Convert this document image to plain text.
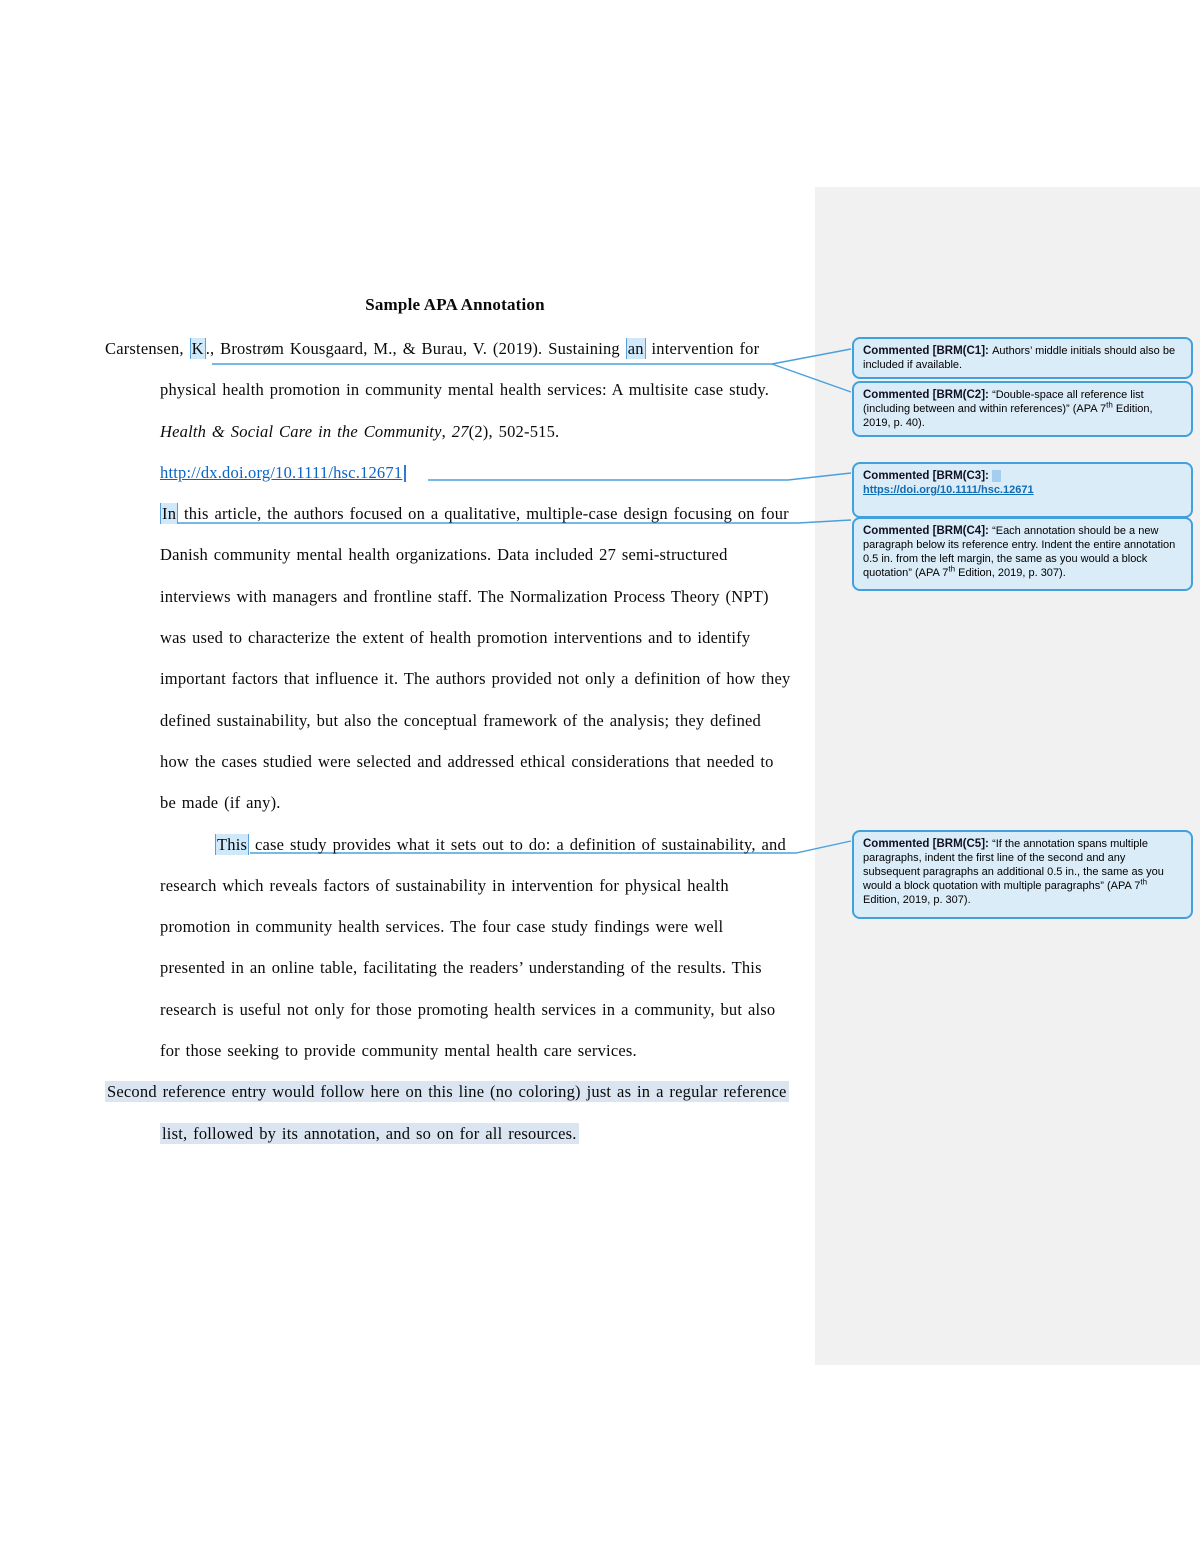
Sample APA Annotation
Carstensen, K ., Brostrøm Kousgaard, M., & Burau, V. (2019). Sustaining an intervention for
physical health promotion in community mental health services: A multisite case study.
Health & Social Care in the Community, 27(2), 502-515.
http://dx.doi.org/10.1111/hsc.12671
In this article, the authors focused on a qualitative, multiple-case design focusing on four
Danish community mental health organizations. Data included 27 semi-structured
interviews with managers and frontline staff. The Normalization Process Theory (NPT)
was used to characterize the extent of health promotion interventions and to identify
important factors that influence it. The authors provided not only a definition of how they
defined sustainability, but also the conceptual framework of the analysis; they defined
how the cases studied were selected and addressed ethical considerations that needed to
be made (if any).
This case study provides what it sets out to do: a definition of sustainability, and
research which reveals factors of sustainability in intervention for physical health
promotion in community health services. The four case study findings were well
presented in an online table, facilitating the readers’ understanding of the results. This
research is useful not only for those promoting health services in a community, but also
for those seeking to provide community mental health care services.
Second reference entry would follow here on this line (no coloring) just as in a regular reference
list, followed by its annotation, and so on for all resources.
Commented [BRM(C1]: Authors’ middle initials should also be included if available.
Commented [BRM(C2]: “Double-space all reference list (including between and within references)” (APA 7th Edition, 2019, p. 40).
Commented [BRM(C3]:
https://doi.org/10.1111/hsc.12671

Commented [BRM(C4]: “Each annotation should be a new paragraph below its reference entry. Indent the entire annotation 0.5 in. from the left margin, the same as you would a block quotation” (APA 7th Edition, 2019, p. 307).
Commented [BRM(C5]: “If the annotation spans multiple paragraphs, indent the first line of the second and any subsequent paragraphs an additional 0.5 in., the same as you would a block quotation with multiple paragraphs” (APA 7th Edition, 2019, p. 307).
